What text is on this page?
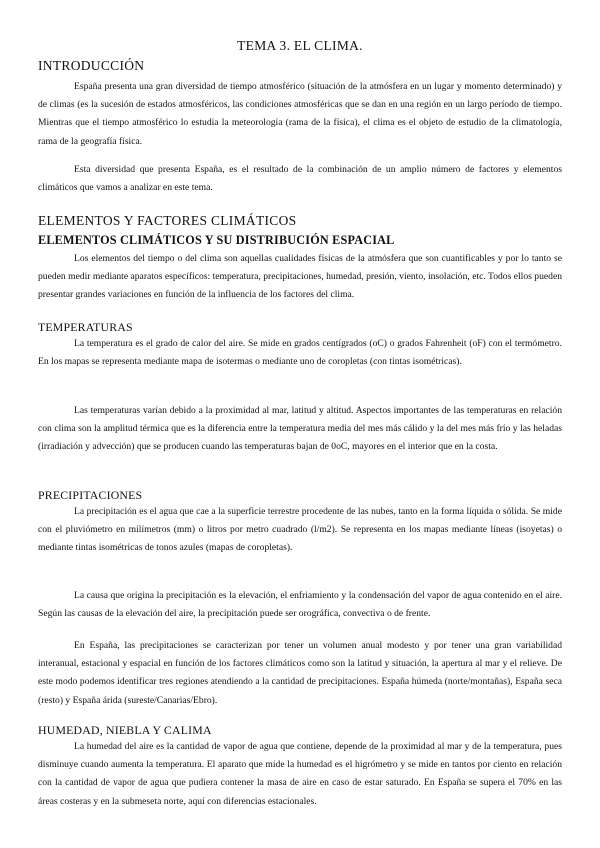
TEMA 3. EL CLIMA.
INTRODUCCIÓN

España presenta una gran diversidad de tiempo atmosférico (situación de la atmósfera en un lugar y momento determinado) y de climas (es la sucesión de estados atmosféricos, las condiciones atmosféricas que se dan en una región en un largo período de tiempo. Mientras que el tiempo atmosférico lo estudia la meteorología (rama de la física), el clima es el objeto de estudio de la climatología, rama de la geografía física.

Esta diversidad que presenta España, es el resultado de la combinación de un amplio número de factores y elementos climáticos que vamos a analizar en este tema.

ELEMENTOS Y FACTORES CLIMÁTICOS
ELEMENTOS CLIMÁTICOS Y SU DISTRIBUCIÓN ESPACIAL

Los elementos del tiempo o del clima son aquellas cualidades físicas de la atmósfera que son cuantificables y por lo tanto se pueden medir mediante aparatos específicos: temperatura, precipitaciones, humedad, presión, viento, insolación, etc. Todos ellos pueden presentar grandes variaciones en función de la influencia de los factores del clima.

TEMPERATURAS

La temperatura es el grado de calor del aire. Se mide en grados centígrados (oC) o grados Fahrenheit (oF) con el termómetro. En los mapas se representa mediante mapa de isotermas o mediante uno de coropletas (con tintas isométricas).

Las temperaturas varían debido a la proximidad al mar, latitud y altitud. Aspectos importantes de las temperaturas en relación con clima son la amplitud térmica que es la diferencia entre la temperatura media del mes más cálido y la del mes más frío y las heladas (irradiación y advección) que se producen cuando las temperaturas bajan de 0oC, mayores en el interior que en la costa.

PRECIPITACIONES

La precipitación es el agua que cae a la superficie terrestre procedente de las nubes, tanto en la forma líquida o sólida. Se mide con el pluviómetro en milímetros (mm) o litros por metro cuadrado (l/m2). Se representa en los mapas mediante líneas (isoyetas) o mediante tintas isométricas de tonos azules (mapas de coropletas).

La causa que origina la precipitación es la elevación, el enfriamiento y la condensación del vapor de agua contenido en el aire. Según las causas de la elevación del aire, la precipitación puede ser orográfica, convectiva o de frente.

En España, las precipitaciones se caracterizan por tener un volumen anual modesto y por tener una gran variabilidad interanual, estacional y espacial en función de los factores climáticos como son la latitud y situación, la apertura al mar y el relieve. De este modo podemos identificar tres regiones atendiendo a la cantidad de precipitaciones. España húmeda (norte/montañas), España seca (resto) y España árida (sureste/Canarias/Ebro).

HUMEDAD, NIEBLA Y CALIMA

La humedad del aire es la cantidad de vapor de agua que contiene, depende de la proximidad al mar y de la temperatura, pues disminuye cuando aumenta la temperatura. El aparato que mide la humedad es el higrómetro y se mide en tantos por ciento en relación con la cantidad de vapor de agua que pudiera contener la masa de aire en caso de estar saturado. En España se supera el 70% en las áreas costeras y en la submeseta norte, aquí con diferencias estacionales.
